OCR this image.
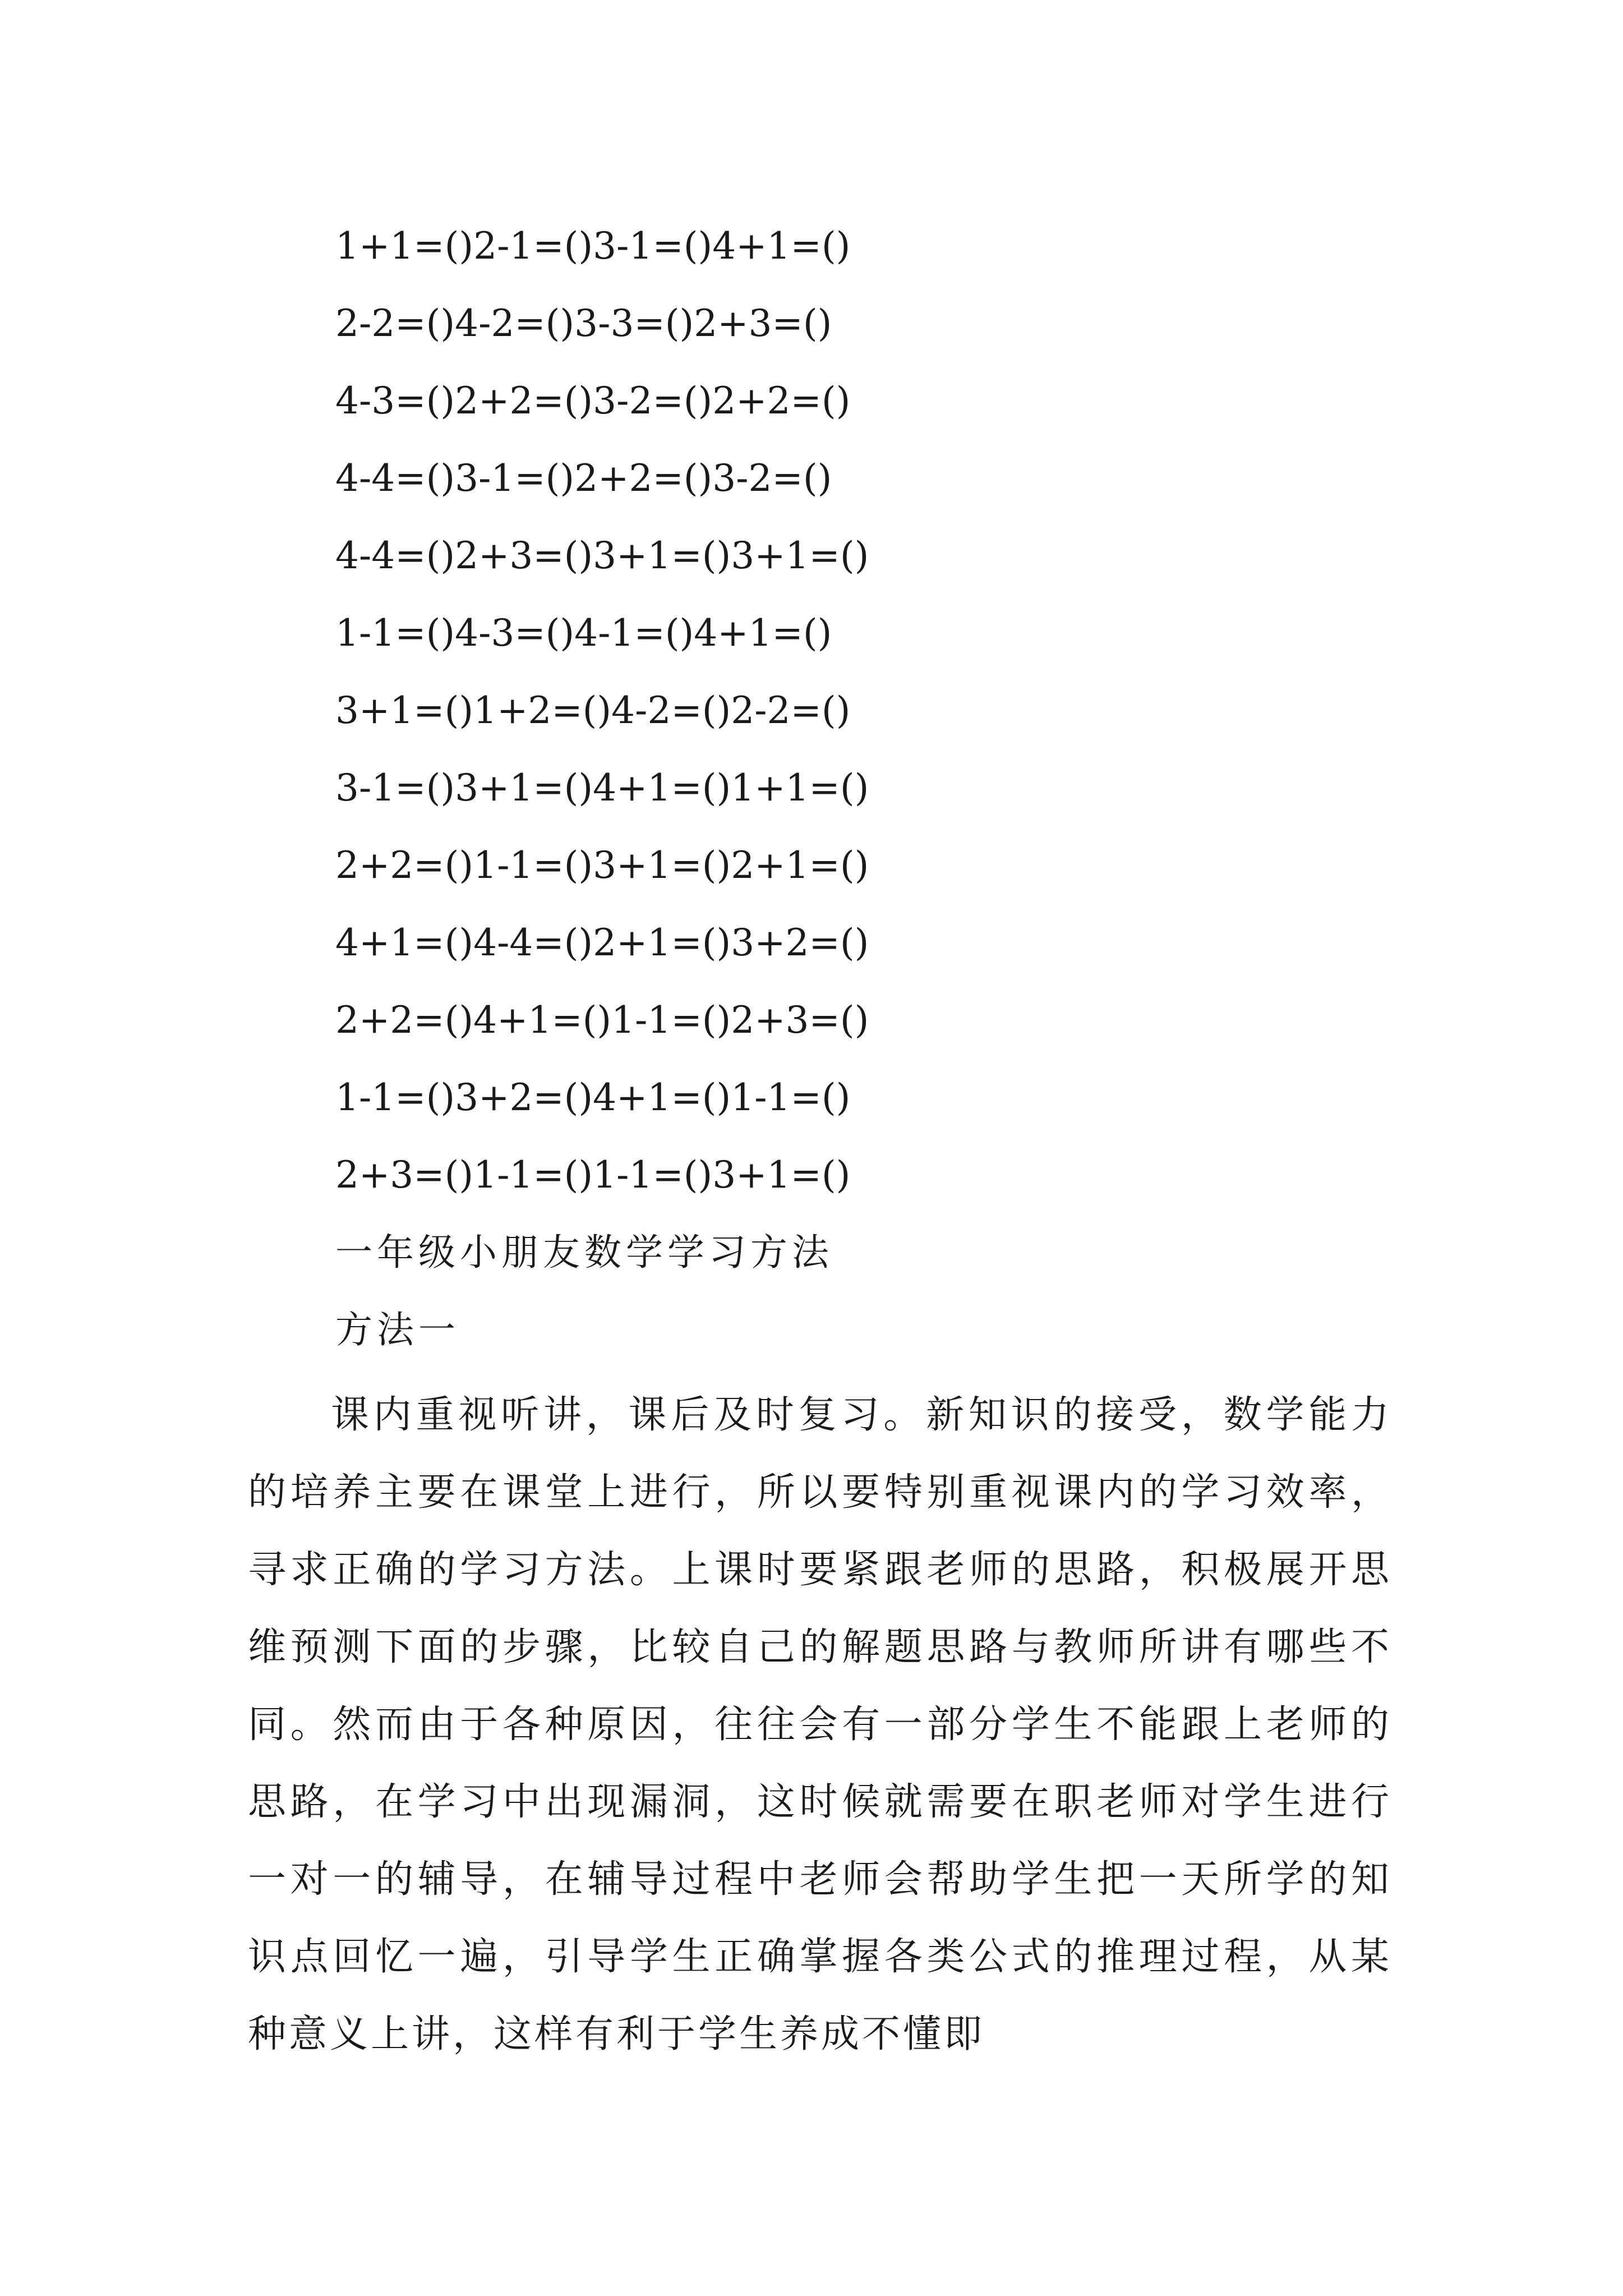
1+1=()2-1=()3-1=()4+1=()
2-2=()4-2=()3-3=()2+3=()
4-3=()2+2=()3-2=()2+2=()
4-4=()3-1=()2+2=()3-2=()
4-4=()2+3=()3+1=()3+1=()
1-1=()4-3=()4-1=()4+1=()
3+1=()1+2=()4-2=()2-2=()
3-1=()3+1=()4+1=()1+1=()
2+2=()1-1=()3+1=()2+1=()
4+1=()4-4=()2+1=()3+2=()
2+2=()4+1=()1-1=()2+3=()
1-1=()3+2=()4+1=()1-1=()
2+3=()1-1=()1-1=()3+1=()
一年级小朋友数学学习方法
方法一

课内重视听讲，课后及时复习。新知识的接受，数学能力的培养主要在课堂上进行，所以要特别重视课内的学习效率，寻求正确的学习方法。上课时要紧跟老师的思路，积极展开思维预测下面的步骤，比较自己的解题思路与教师所讲有哪些不同。然而由于各种原因，往往会有一部分学生不能跟上老师的思路，在学习中出现漏洞，这时候就需要在职老师对学生进行一对一的辅导，在辅导过程中老师会帮助学生把一天所学的知识点回忆一遍，引导学生正确掌握各类公式的推理过程，从某种意义上讲，这样有利于学生养成不懂即
